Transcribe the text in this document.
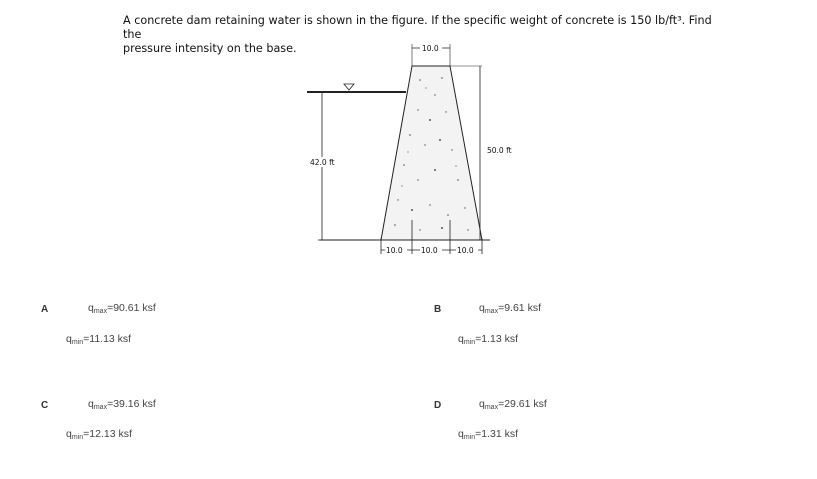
A concrete dam retaining water is shown in the figure. If the specific weight of concrete is 150 lb/ft³. Find the
pressure intensity on the base.
42.0 ft
50.0 ft
10.0
10.0 10.0	10.0
A	$q_{max}=90.61$ ksf
$q_{min}=11.13$ ksf
B	$q_{max}=9.61$ ksf
$q_{min}=1.13$ ksf
C	$q_{max}=39.16$ ksf
$q_{min}=12.13$ ksf
D	$q_{max}=29.61$ ksf
$q_{min}=1.31$ ksf
